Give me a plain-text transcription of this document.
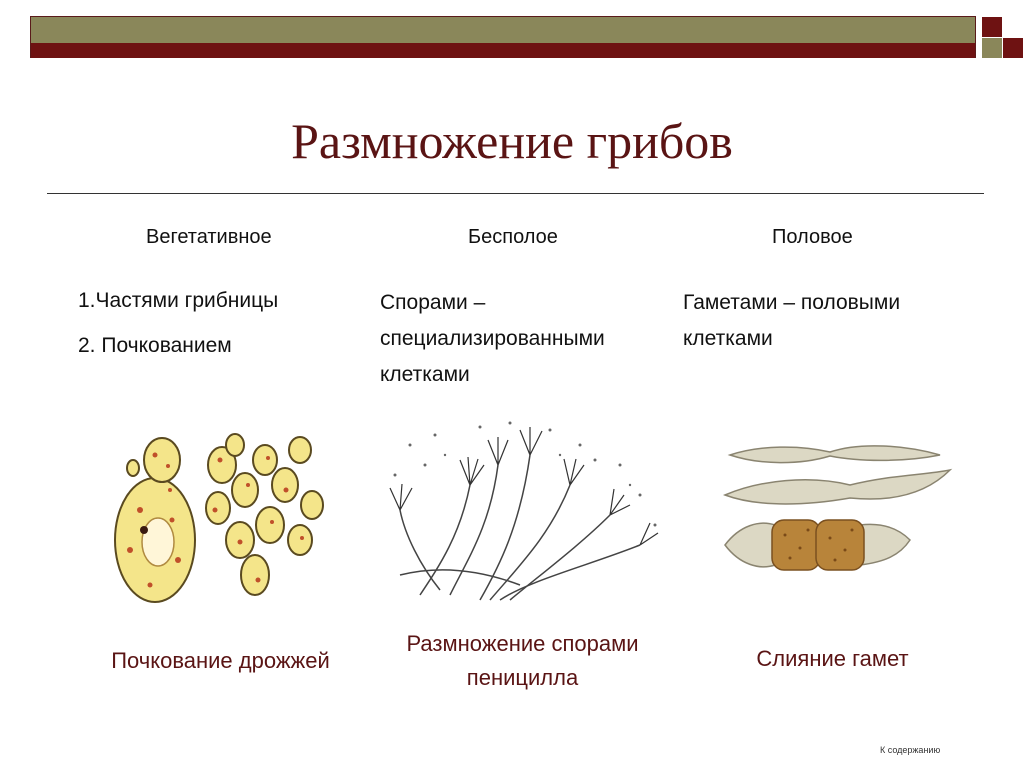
Размножение грибов
Вегетативное	Бесполое	Половое
1.Частями грибницы
2. Почкованием
Спорами –
специализированными
клетками
Гаметами – половыми
клетками
Почкование дрожжей
Размножение спорами
пеницилла
Слияние гамет
К содержанию
